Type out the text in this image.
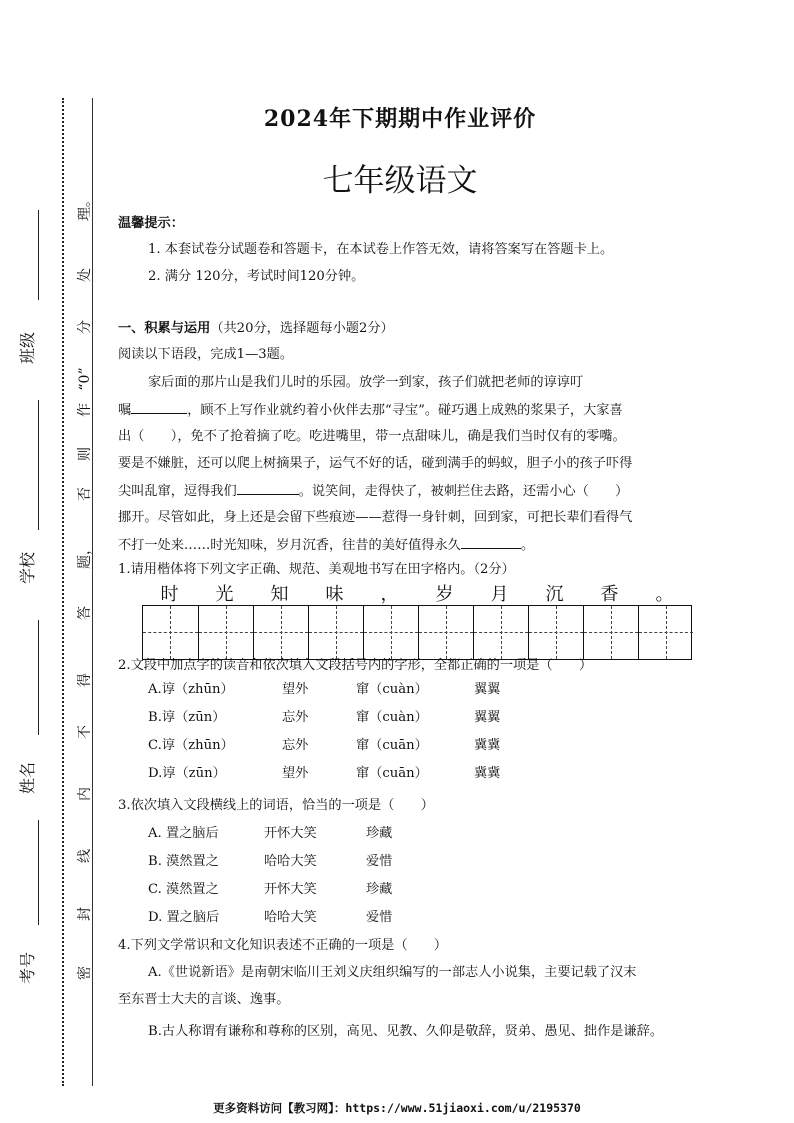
理。
处
分
“0”
作
则
否
题，
答
得
不
内
线
封
密
班级
学校
姓名
考号
2024年下期期中作业评价
七年级语文
温馨提示：
1. 本套试卷分试题卷和答题卡，在本试卷上作答无效，请将答案写在答题卡上。
2. 满分 120分，考试时间120分钟。
一、积累与运用（共20分，选择题每小题2分）
阅读以下语段，完成1—3题。
家后面的那片山是我们儿时的乐园。放学一到家，孩子们就把老师的谆谆叮
嘱	，顾不上写作业就约着小伙伴去那“寻宝”。碰巧遇上成熟的浆果子，大家喜
出（　　），免不了抢着摘了吃。吃进嘴里，带一点甜味儿，确是我们当时仅有的零嘴。
要是不嫌脏，还可以爬上树摘果子，运气不好的话，碰到满手的蚂蚁，胆子小的孩子吓得
尖叫乱窜，逗得我们	。说笑间，走得快了，被刺拦住去路，还需小心（　　）
挪开。尽管如此，身上还是会留下些痕迹——惹得一身针刺，回到家，可把长辈们看得气
不打一处来……时光知味，岁月沉香，往昔的美好值得永久	。
1.请用楷体将下列文字正确、规范、美观地书写在田字格内。（2分）
时	光	知	味	，	岁	月	沉	香	。
2.文段中加点字的读音和依次填入文段括号内的字形，全都正确的一项是（　　）
A.谆（zhūn）	望外	窜（cuàn）	翼翼
B.谆（zūn）	忘外	窜（cuàn）	翼翼
C.谆（zhūn）	忘外	窜（cuān）	冀冀
D.谆（zūn）	望外	窜（cuān）	冀冀
3.依次填入文段横线上的词语，恰当的一项是（　　）
A. 置之脑后	开怀大笑	珍藏
B. 漠然置之	哈哈大笑	爱惜
C. 漠然置之	开怀大笑	珍藏
D. 置之脑后	哈哈大笑	爱惜
4.下列文学常识和文化知识表述不正确的一项是（　　）
A.《世说新语》是南朝宋临川王刘义庆组织编写的一部志人小说集，主要记载了汉末
至东晋士大夫的言谈、逸事。
B.古人称谓有谦称和尊称的区别，高见、见教、久仰是敬辞，贤弟、愚见、拙作是谦辞。
更多资料访问【教习网】：https://www.51jiaoxi.com/u/2195370
